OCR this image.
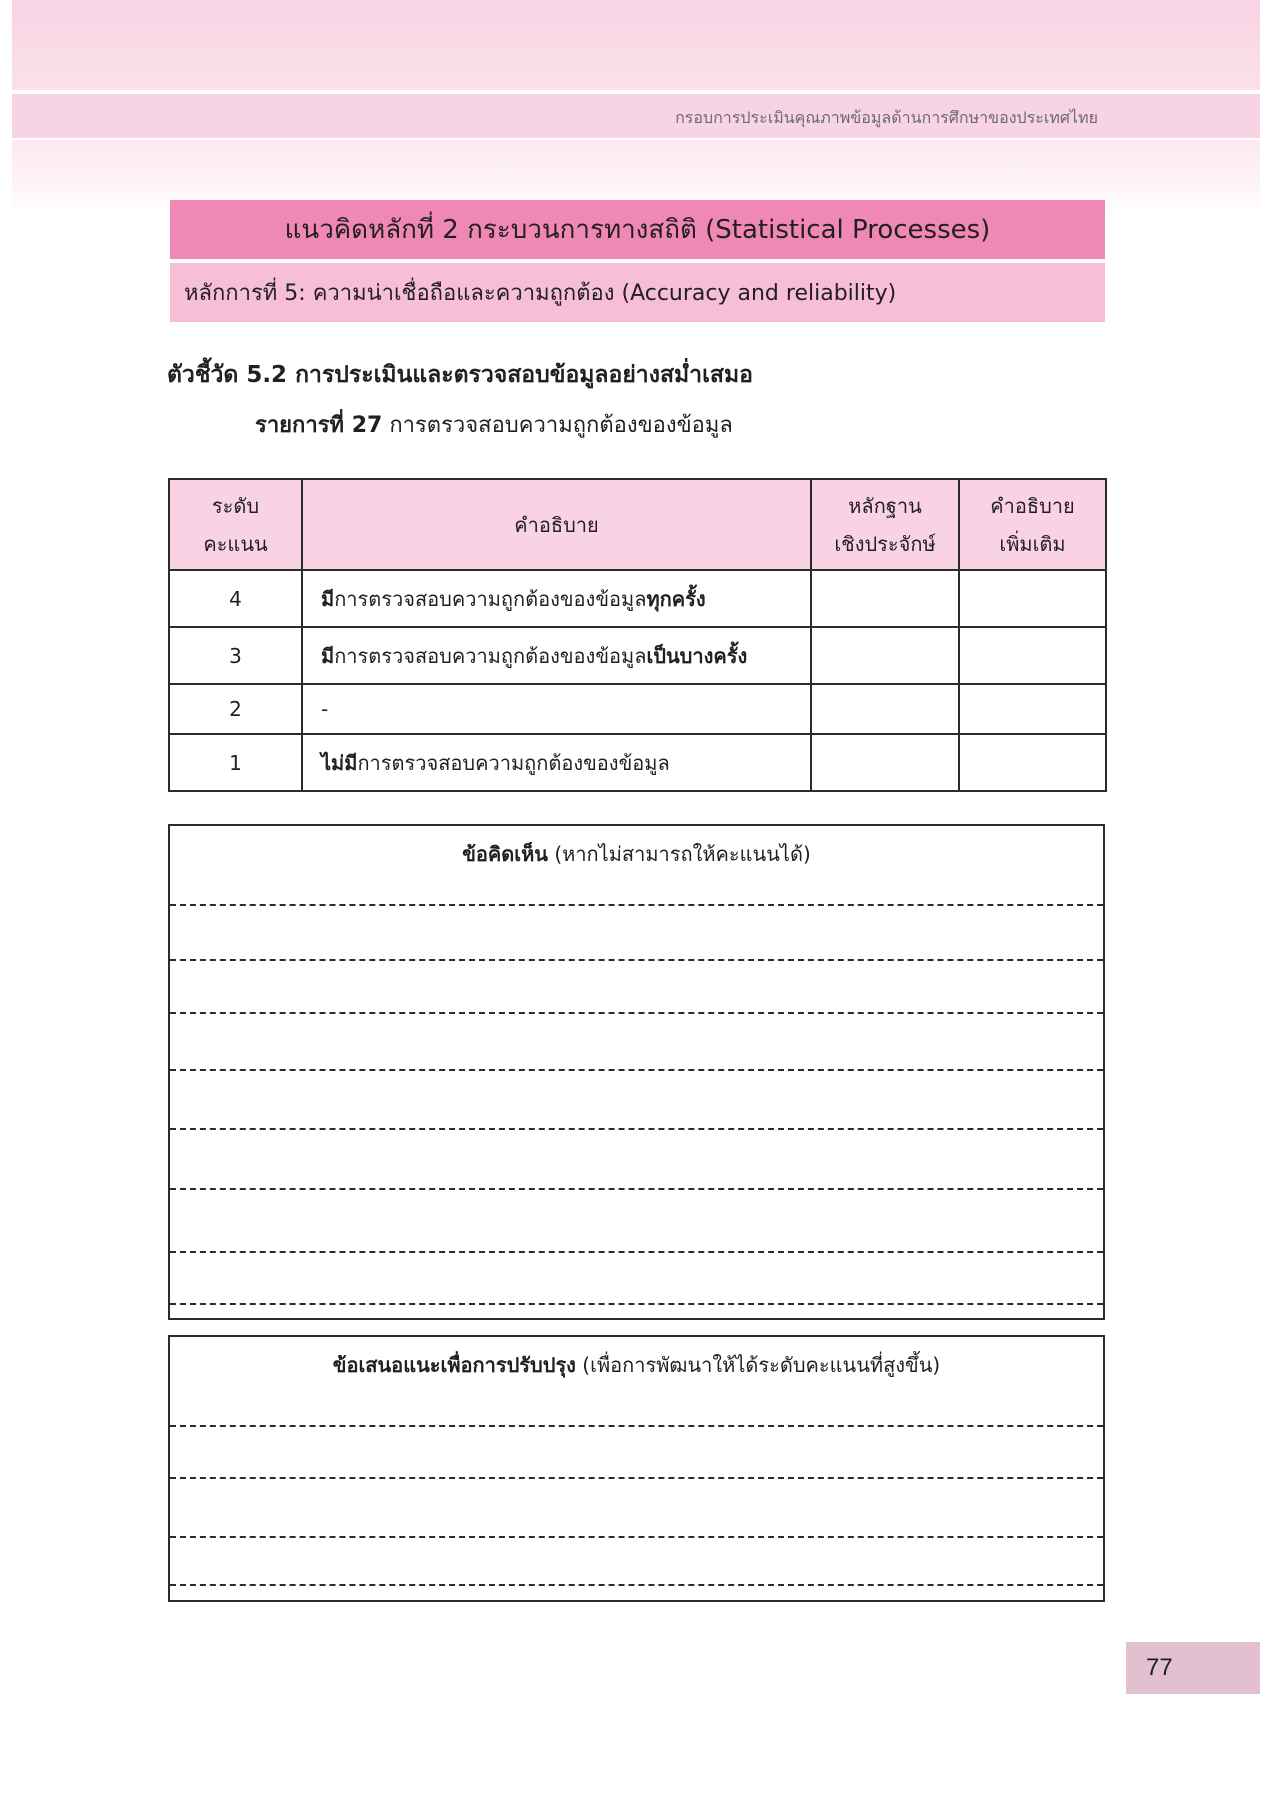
กรอบการประเมินคุณภาพข้อมูลด้านการศึกษาของประเทศไทย
แนวคิดหลักที่ 2 กระบวนการทางสถิติ (Statistical Processes)
หลักการที่ 5: ความน่าเชื่อถือและความถูกต้อง (Accuracy and reliability)
ตัวชี้วัด 5.2 การประเมินและตรวจสอบข้อมูลอย่างสม่ำเสมอ
รายการที่ 27 การตรวจสอบความถูกต้องของข้อมูล
ระดับ
คะแนน

คำอธิบาย

หลักฐาน
เชิงประจักษ์

คำอธิบาย
เพิ่มเติม

4	มีการตรวจสอบความถูกต้องของข้อมูลทุกครั้ง		
3	มีการตรวจสอบความถูกต้องของข้อมูลเป็นบางครั้ง		
2	-		
1	ไม่มีการตรวจสอบความถูกต้องของข้อมูล		
ข้อคิดเห็น (หากไม่สามารถให้คะแนนได้)
ข้อเสนอแนะเพื่อการปรับปรุง (เพื่อการพัฒนาให้ได้ระดับคะแนนที่สูงขึ้น)
77
